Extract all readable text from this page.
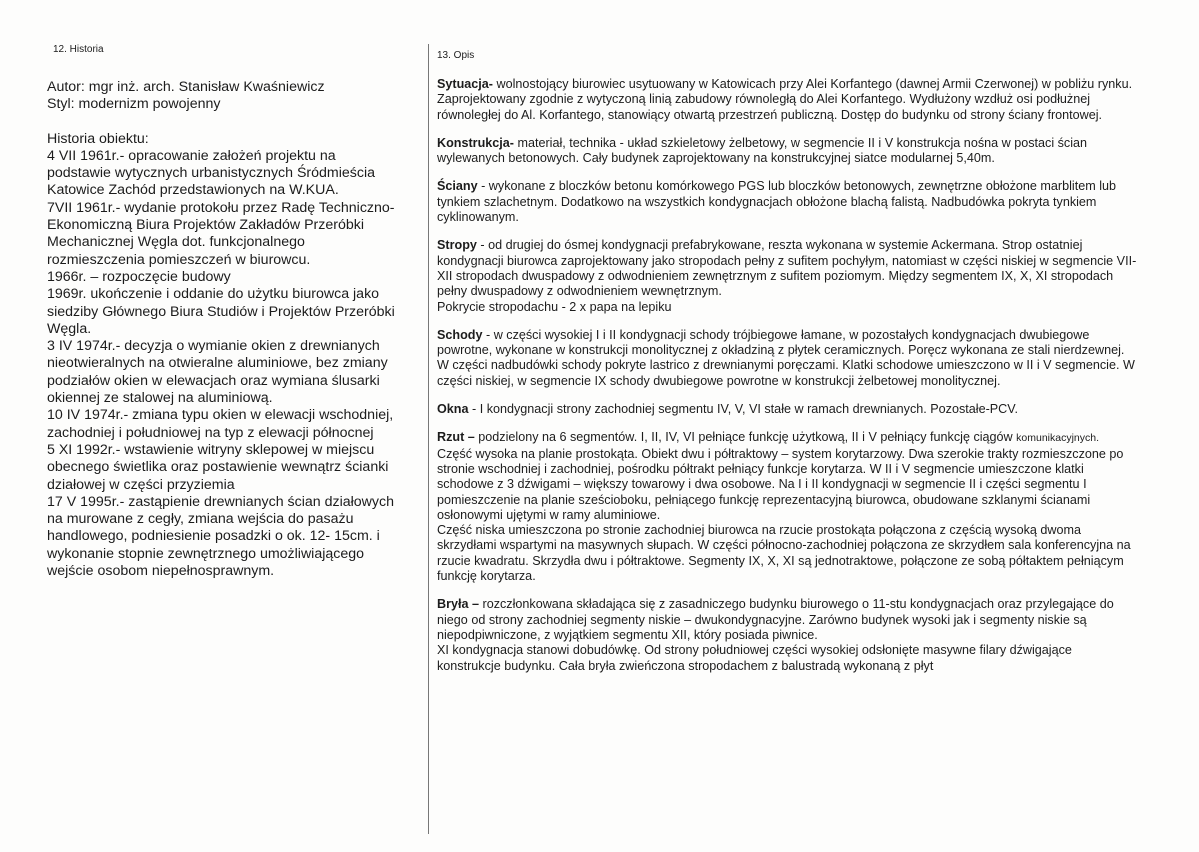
12. Historia

Autor: mgr inż. arch. Stanisław Kwaśniewicz

Styl: modernizm powojenny

Historia obiektu:

4 VII 1961r.- opracowanie założeń projektu na
podstawie wytycznych urbanistycznych Śródmieścia
Katowice Zachód przedstawionych na W.KUA.
7VII 1961r.- wydanie protokołu przez Radę Techniczno-
Ekonomiczną Biura Projektów Zakładów Przeróbki
Mechanicznej Węgla dot. funkcjonalnego
rozmieszczenia pomieszczeń w biurowcu.
1966r. – rozpoczęcie budowy
1969r. ukończenie i oddanie do użytku biurowca jako
siedziby Głównego Biura Studiów i Projektów Przeróbki
Węgla.
3 IV 1974r.- decyzja o wymianie okien z drewnianych
nieotwieralnych na otwieralne aluminiowe, bez zmiany
podziałów okien w elewacjach oraz wymiana ślusarki
okiennej ze stalowej na aluminiową.
10 IV 1974r.- zmiana typu okien w elewacji wschodniej,
zachodniej i południowej na typ z elewacji północnej
5 XI 1992r.- wstawienie witryny sklepowej w miejscu
obecnego świetlika oraz postawienie wewnątrz ścianki
działowej w części przyziemia
17 V 1995r.- zastąpienie drewnianych ścian działowych
na murowane z cegły, zmiana wejścia do pasażu
handlowego, podniesienie posadzki o ok. 12- 15cm. i
wykonanie stopnie zewnętrznego umożliwiającego
wejście osobom niepełnosprawnym.

13. Opis

Sytuacja- wolnostojący biurowiec usytuowany w Katowicach przy Alei Korfantego (dawnej Armii Czerwonej) w pobliżu rynku. Zaprojektowany zgodnie z wytyczoną linią zabudowy równoległą do Alei Korfantego. Wydłużony wzdłuż osi podłużnej równoległej do Al. Korfantego, stanowiący otwartą przestrzeń publiczną. Dostęp do budynku od strony ściany frontowej.

Konstrukcja- materiał, technika - układ szkieletowy żelbetowy, w segmencie II i V konstrukcja nośna w postaci ścian wylewanych betonowych. Cały budynek zaprojektowany na konstrukcyjnej siatce modularnej 5,40m.

Ściany - wykonane z bloczków betonu komórkowego PGS lub bloczków betonowych, zewnętrzne obłożone marblitem lub tynkiem szlachetnym. Dodatkowo na wszystkich kondygnacjach obłożone blachą falistą. Nadbudówka pokryta tynkiem cyklinowanym.

Stropy - od drugiej do ósmej kondygnacji prefabrykowane, reszta wykonana w systemie Ackermana. Strop ostatniej kondygnacji biurowca zaprojektowany jako stropodach pełny z sufitem pochyłym, natomiast w części niskiej w segmencie VII-XII stropodach dwuspadowy z odwodnieniem zewnętrznym z sufitem poziomym. Między segmentem IX, X, XI stropodach pełny dwuspadowy z odwodnieniem wewnętrznym.

Pokrycie stropodachu - 2 x papa na lepiku

Schody - w części wysokiej I i II kondygnacji schody trójbiegowe łamane, w pozostałych kondygnacjach dwubiegowe powrotne, wykonane w konstrukcji monolitycznej z okładziną z płytek ceramicznych. Poręcz wykonana ze stali nierdzewnej. W części nadbudówki schody pokryte lastrico z drewnianymi poręczami. Klatki schodowe umieszczono w II i V segmencie. W części niskiej, w segmencie IX schody dwubiegowe powrotne w konstrukcji żelbetowej monolitycznej.

Okna - I kondygnacji strony zachodniej segmentu IV, V, VI stałe w ramach drewnianych. Pozostałe-PCV.

Rzut – podzielony na 6 segmentów. I, II, IV, VI pełniące funkcję użytkową, II i V pełniący funkcję ciągów komunikacyjnych.

Część wysoka na planie prostokąta. Obiekt dwu i półtraktowy – system korytarzowy. Dwa szerokie trakty rozmieszczone po stronie wschodniej i zachodniej, pośrodku półtrakt pełniący funkcje korytarza. W II i V segmencie umieszczone klatki schodowe z 3 dźwigami – większy towarowy i dwa osobowe. Na I i II kondygnacji w segmencie II i części segmentu I pomieszczenie na planie sześcioboku, pełniącego funkcję reprezentacyjną biurowca, obudowane szklanymi ścianami osłonowymi ujętymi w ramy aluminiowe.

Część niska umieszczona po stronie zachodniej biurowca na rzucie prostokąta połączona z częścią wysoką dwoma skrzydłami wspartymi na masywnych słupach. W części północno-zachodniej połączona ze skrzydłem sala konferencyjna na rzucie kwadratu. Skrzydła dwu i półtraktowe. Segmenty IX, X, XI są jednotraktowe, połączone ze sobą półtaktem pełniącym funkcję korytarza.

Bryła – rozczłonkowana składająca się z zasadniczego budynku biurowego o 11-stu kondygnacjach oraz przylegające do niego od strony zachodniej segmenty niskie – dwukondygnacyjne. Zarówno budynek wysoki jak i segmenty niskie są niepodpiwniczone, z wyjątkiem segmentu XII, który posiada piwnice.

XI kondygnacja stanowi dobudówkę. Od strony południowej części wysokiej odsłonięte masywne filary dźwigające konstrukcje budynku. Cała bryła zwieńczona stropodachem z balustradą wykonaną z płyt
